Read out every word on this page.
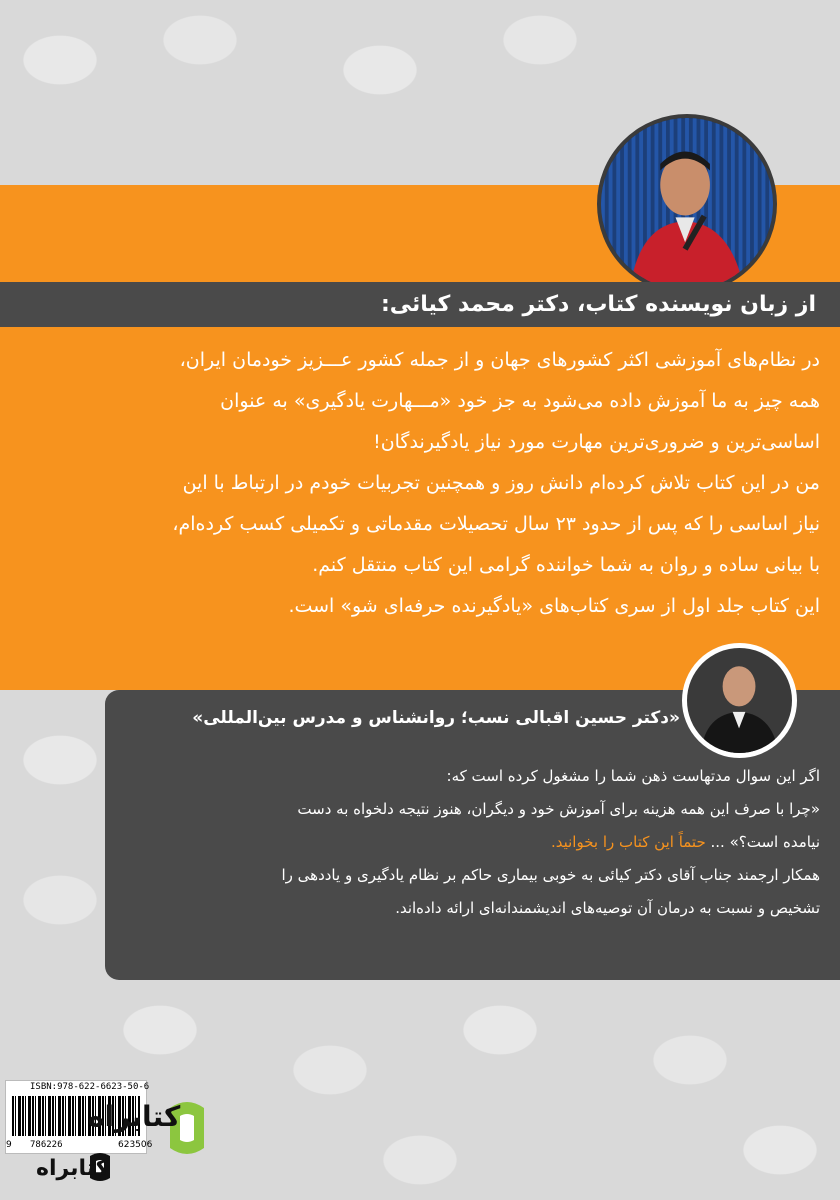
از زبان نویسنده کتاب، دکتر محمد کیائی:
در نظام‌های آموزشی اکثر کشورهای جهان و از جمله کشور عـــزیز خودمان ایران،
همه چیز به ما آموزش داده می‌شود به جز خود «مـــهارت یادگیری» به عنوان
اساسی‌ترین و ضروری‌ترین مهارت مورد نیاز یادگیرندگان!
من در این کتاب تلاش کرده‌ام دانش روز و همچنین تجربیات خودم در ارتباط با این
نیاز اساسی را که پس از حدود ۲۳ سال تحصیلات مقدماتی و تکمیلی کسب کرده‌ام،
با بیانی ساده و روان به شما خواننده گرامی این کتاب منتقل کنم.
این کتاب جلد اول از سری کتاب‌های «یادگیرنده حرفه‌ای شو» است.
«دکتر حسین اقبالی نسب؛ روانشناس و مدرس بین‌المللی»
اگر این سوال مدتهاست ذهن شما را مشغول کرده است که:
«چرا با صرف این همه هزینه برای آموزش خود و دیگران، هنوز نتیجه دلخواه به دست
نیامده است؟» ... حتماً این کتاب را بخوانید.
همکار ارجمند جناب آقای دکتر کیائی به خوبی بیماری حاکم بر نظام یادگیری و یاددهی را
تشخیص و نسبت به درمان آن توصیه‌های اندیشمندانه‌ای ارائه داده‌اند.
ISBN:978-622-6623-50-6
9 786226	623506
کتابراه
کتابراه
